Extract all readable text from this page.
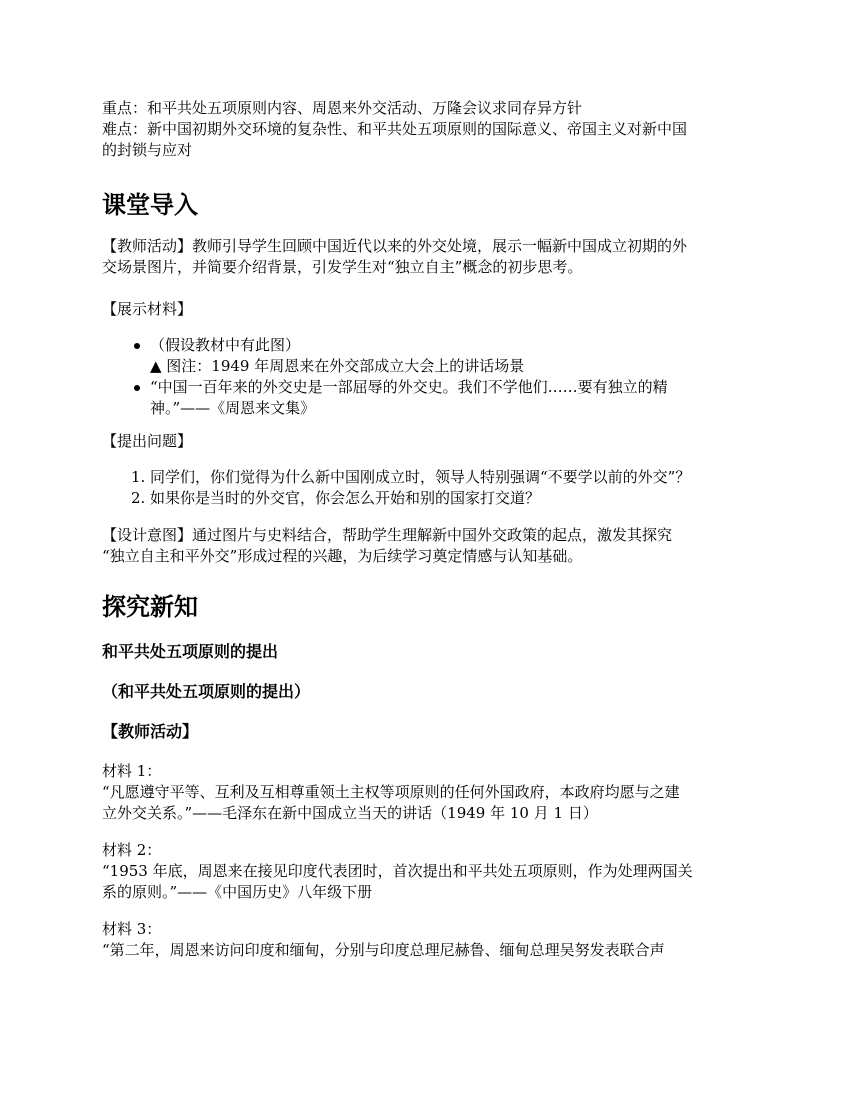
重点：和平共处五项原则内容、周恩来外交活动、万隆会议求同存异方针

难点：新中国初期外交环境的复杂性、和平共处五项原则的国际意义、帝国主义对新中国

的封锁与应对

课堂导入

【教师活动】教师引导学生回顾中国近代以来的外交处境，展示一幅新中国成立初期的外

交场景图片，并简要介绍背景，引发学生对“独立自主”概念的初步思考。

【展示材料】

（假设教材中有此图）
▲ 图注：1949 年周恩来在外交部成立大会上的讲话场景
“中国一百年来的外交史是一部屈辱的外交史。我们不学他们……要有独立的精
神。”——《周恩来文集》

【提出问题】

1. 同学们，你们觉得为什么新中国刚成立时，领导人特别强调“不要学以前的外交”？
2. 如果你是当时的外交官，你会怎么开始和别的国家打交道？

【设计意图】通过图片与史料结合，帮助学生理解新中国外交政策的起点，激发其探究

“独立自主和平外交”形成过程的兴趣，为后续学习奠定情感与认知基础。

探究新知
和平共处五项原则的提出
（和平共处五项原则的提出）
【教师活动】

材料 1：

“凡愿遵守平等、互利及互相尊重领土主权等项原则的任何外国政府，本政府均愿与之建

立外交关系。”——毛泽东在新中国成立当天的讲话（1949 年 10 月 1 日）

材料 2：

“1953 年底，周恩来在接见印度代表团时，首次提出和平共处五项原则，作为处理两国关

系的原则。”——《中国历史》八年级下册

材料 3：

“第二年，周恩来访问印度和缅甸，分别与印度总理尼赫鲁、缅甸总理吴努发表联合声
